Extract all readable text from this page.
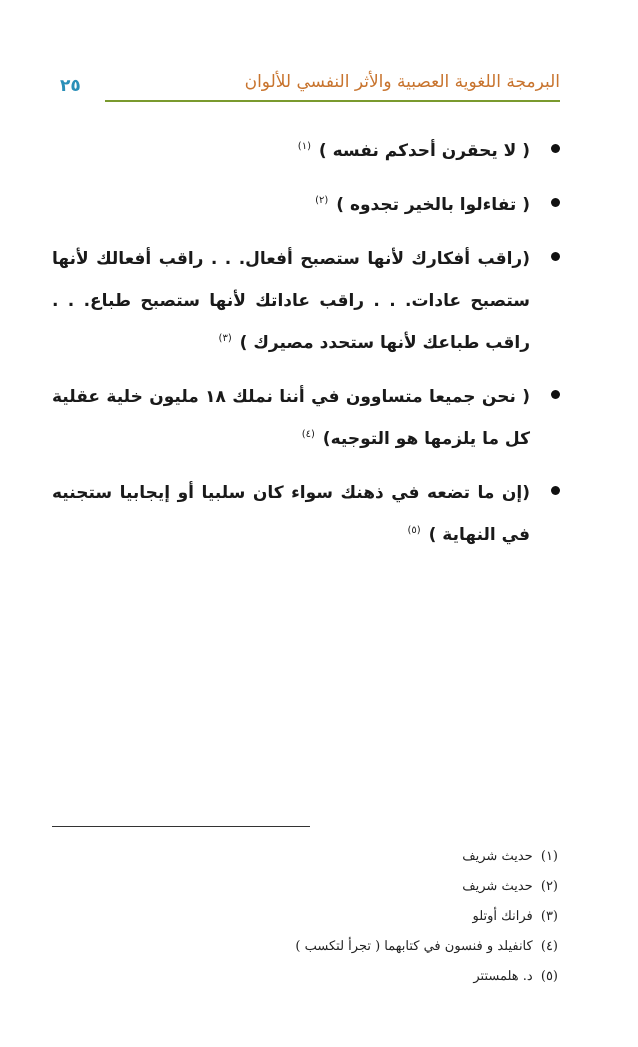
٢٥	البرمجة اللغوية العصبية والأثر النفسي للألوان
( لا يحقرن أحدكم نفسه ) $^{(١)}$
( تفاءلوا بالخير تجدوه ) $^{(٢)}$
(راقب أفكارك لأنها ستصبح أفعال. . . راقب أفعالك لأنها ستصبح عادات. . . راقب عاداتك لأنها ستصبح طباع. . . راقب طباعك لأنها ستحدد مصيرك ) $^{(٣)}$
( نحن جميعا متساوون في أننا نملك ١٨ مليون خلية عقلية كل ما يلزمها هو التوجيه) $^{(٤)}$
(إن ما تضعه في ذهنك سواء كان سلبيا أو إيجابيا ستجنيه في النهاية ) $^{(٥)}$
(١) حديث شريف
(٢) حديث شريف
(٣) فرانك أوتلو
(٤) كانفيلد و فنسون في كتابهما ( تجرأ لتكسب )
(٥) د. هلمستتر
